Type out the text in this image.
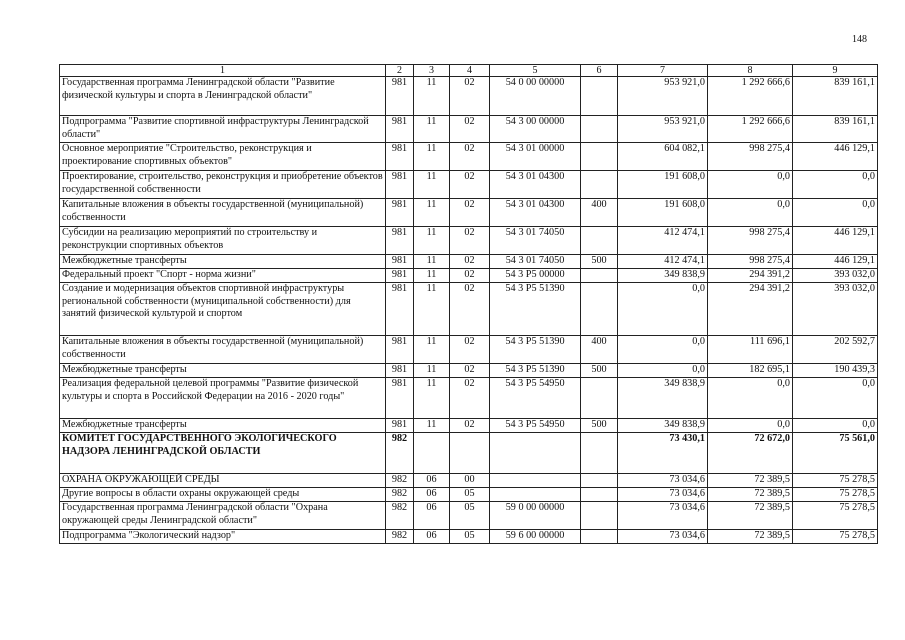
148
1	2	3	4	5	6	7	8	9
Государственная программа Ленинградской области "Развитие физической культуры и спорта в Ленинградской области"	981	11	02	54 0 00 00000		953 921,0	1 292 666,6	839 161,1
Подпрограмма "Развитие спортивной инфраструктуры Ленинградской области"	981	11	02	54 3 00 00000		953 921,0	1 292 666,6	839 161,1
Основное мероприятие "Строительство, реконструкция и проектирование спортивных объектов"	981	11	02	54 3 01 00000		604 082,1	998 275,4	446 129,1
Проектирование, строительство, реконструкция и приобретение объектов государственной собственности	981	11	02	54 3 01 04300		191 608,0	0,0	0,0
Капитальные вложения в объекты государственной (муниципальной) собственности	981	11	02	54 3 01 04300	400	191 608,0	0,0	0,0
Субсидии на реализацию мероприятий по строительству и реконструкции спортивных объектов	981	11	02	54 3 01 74050		412 474,1	998 275,4	446 129,1
Межбюджетные трансферты	981	11	02	54 3 01 74050	500	412 474,1	998 275,4	446 129,1
Федеральный проект "Спорт - норма жизни"	981	11	02	54 3 P5 00000		349 838,9	294 391,2	393 032,0
Создание и модернизация объектов спортивной инфраструктуры региональной собственности (муниципальной собственности) для занятий физической культурой и спортом	981	11	02	54 3 P5 51390		0,0	294 391,2	393 032,0
Капитальные вложения в объекты государственной (муниципальной) собственности	981	11	02	54 3 P5 51390	400	0,0	111 696,1	202 592,7
Межбюджетные трансферты	981	11	02	54 3 P5 51390	500	0,0	182 695,1	190 439,3
Реализация федеральной целевой программы "Развитие физической культуры и спорта в Российской Федерации на 2016 - 2020 годы"	981	11	02	54 3 P5 54950		349 838,9	0,0	0,0
Межбюджетные трансферты	981	11	02	54 3 P5 54950	500	349 838,9	0,0	0,0
КОМИТЕТ ГОСУДАРСТВЕННОГО ЭКОЛОГИЧЕСКОГО НАДЗОРА ЛЕНИНГРАДСКОЙ ОБЛАСТИ	982					73 430,1	72 672,0	75 561,0
ОХРАНА ОКРУЖАЮЩЕЙ СРЕДЫ	982	06	00			73 034,6	72 389,5	75 278,5
Другие вопросы в области охраны окружающей среды	982	06	05			73 034,6	72 389,5	75 278,5
Государственная программа Ленинградской области "Охрана окружающей среды Ленинградской области"	982	06	05	59 0 00 00000		73 034,6	72 389,5	75 278,5
Подпрограмма "Экологический надзор"	982	06	05	59 6 00 00000		73 034,6	72 389,5	75 278,5
